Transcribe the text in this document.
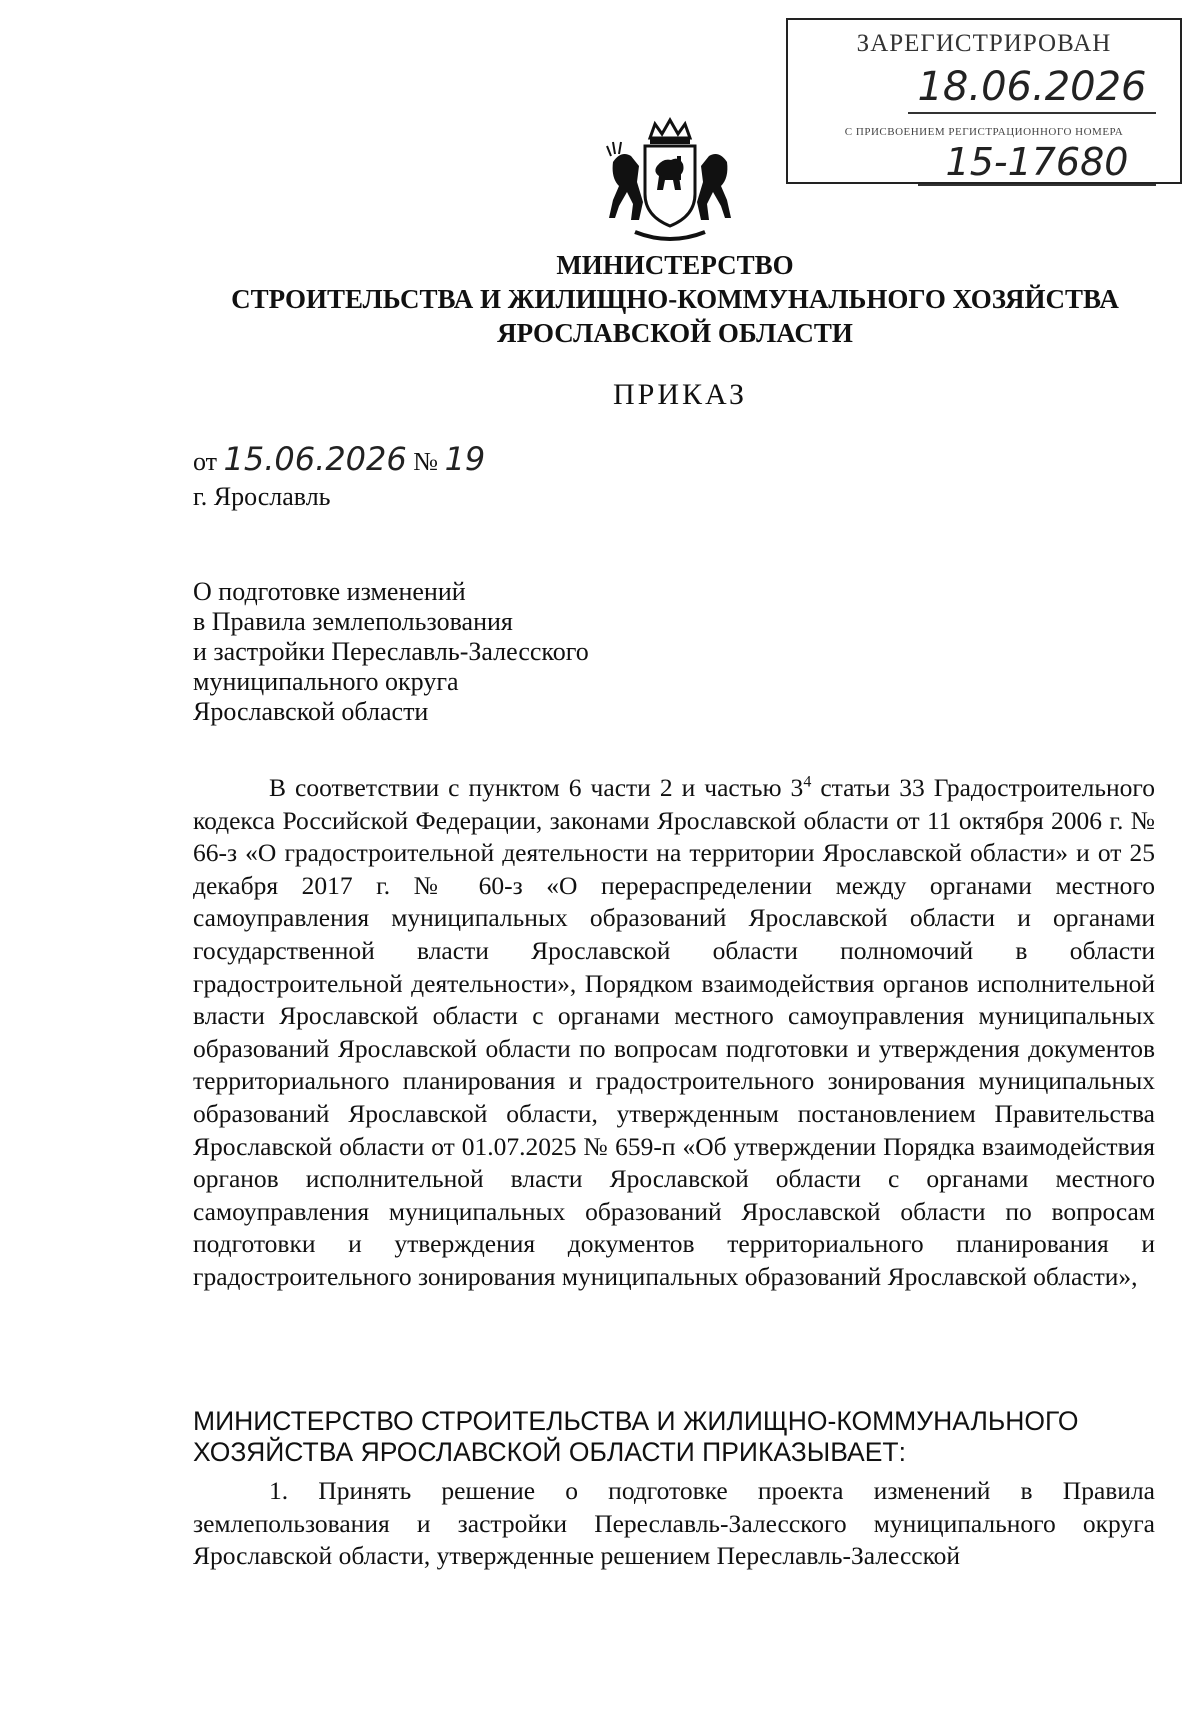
ЗАРЕГИСТРИРОВАН
18.06.2026
С ПРИСВОЕНИЕМ РЕГИСТРАЦИОННОГО НОМЕРА
15-17680
МИНИСТЕРСТВО
СТРОИТЕЛЬСТВА И ЖИЛИЩНО-КОММУНАЛЬНОГО ХОЗЯЙСТВА
ЯРОСЛАВСКОЙ ОБЛАСТИ
ПРИКАЗ
от 15.06.2026 № 19
г. Ярославль
О подготовке изменений
в Правила землепользования
и застройки Переславль-Залесского
муниципального округа
Ярославской области
В соответствии с пунктом 6 части 2 и частью $3^4$ статьи 33 Градостроительного кодекса Российской Федерации, законами Ярославской области от 11 октября 2006 г. № 66-з «О градостроительной деятельности на территории Ярославской области» и от 25 декабря 2017 г. № 60-з «О перераспределении между органами местного самоуправления муниципальных образований Ярославской области и органами государственной власти Ярославской области полномочий в области градостроительной деятельности», Порядком взаимодействия органов исполнительной власти Ярославской области с органами местного самоуправления муниципальных образований Ярославской области по вопросам подготовки и утверждения документов территориального планирования и градостроительного зонирования муниципальных образований Ярославской области, утвержденным постановлением Правительства Ярославской области от 01.07.2025 № 659-п «Об утверждении Порядка взаимодействия органов исполнительной власти Ярославской области с органами местного самоуправления муниципальных образований Ярославской области по вопросам подготовки и утверждения документов территориального планирования и градостроительного зонирования муниципальных образований Ярославской области»,
МИНИСТЕРСТВО СТРОИТЕЛЬСТВА И ЖИЛИЩНО-КОММУНАЛЬНОГО ХОЗЯЙСТВА ЯРОСЛАВСКОЙ ОБЛАСТИ ПРИКАЗЫВАЕТ:
1. Принять решение о подготовке проекта изменений в Правила землепользования и застройки Переславль-Залесского муниципального округа Ярославской области, утвержденные решением Переславль-Залесской
